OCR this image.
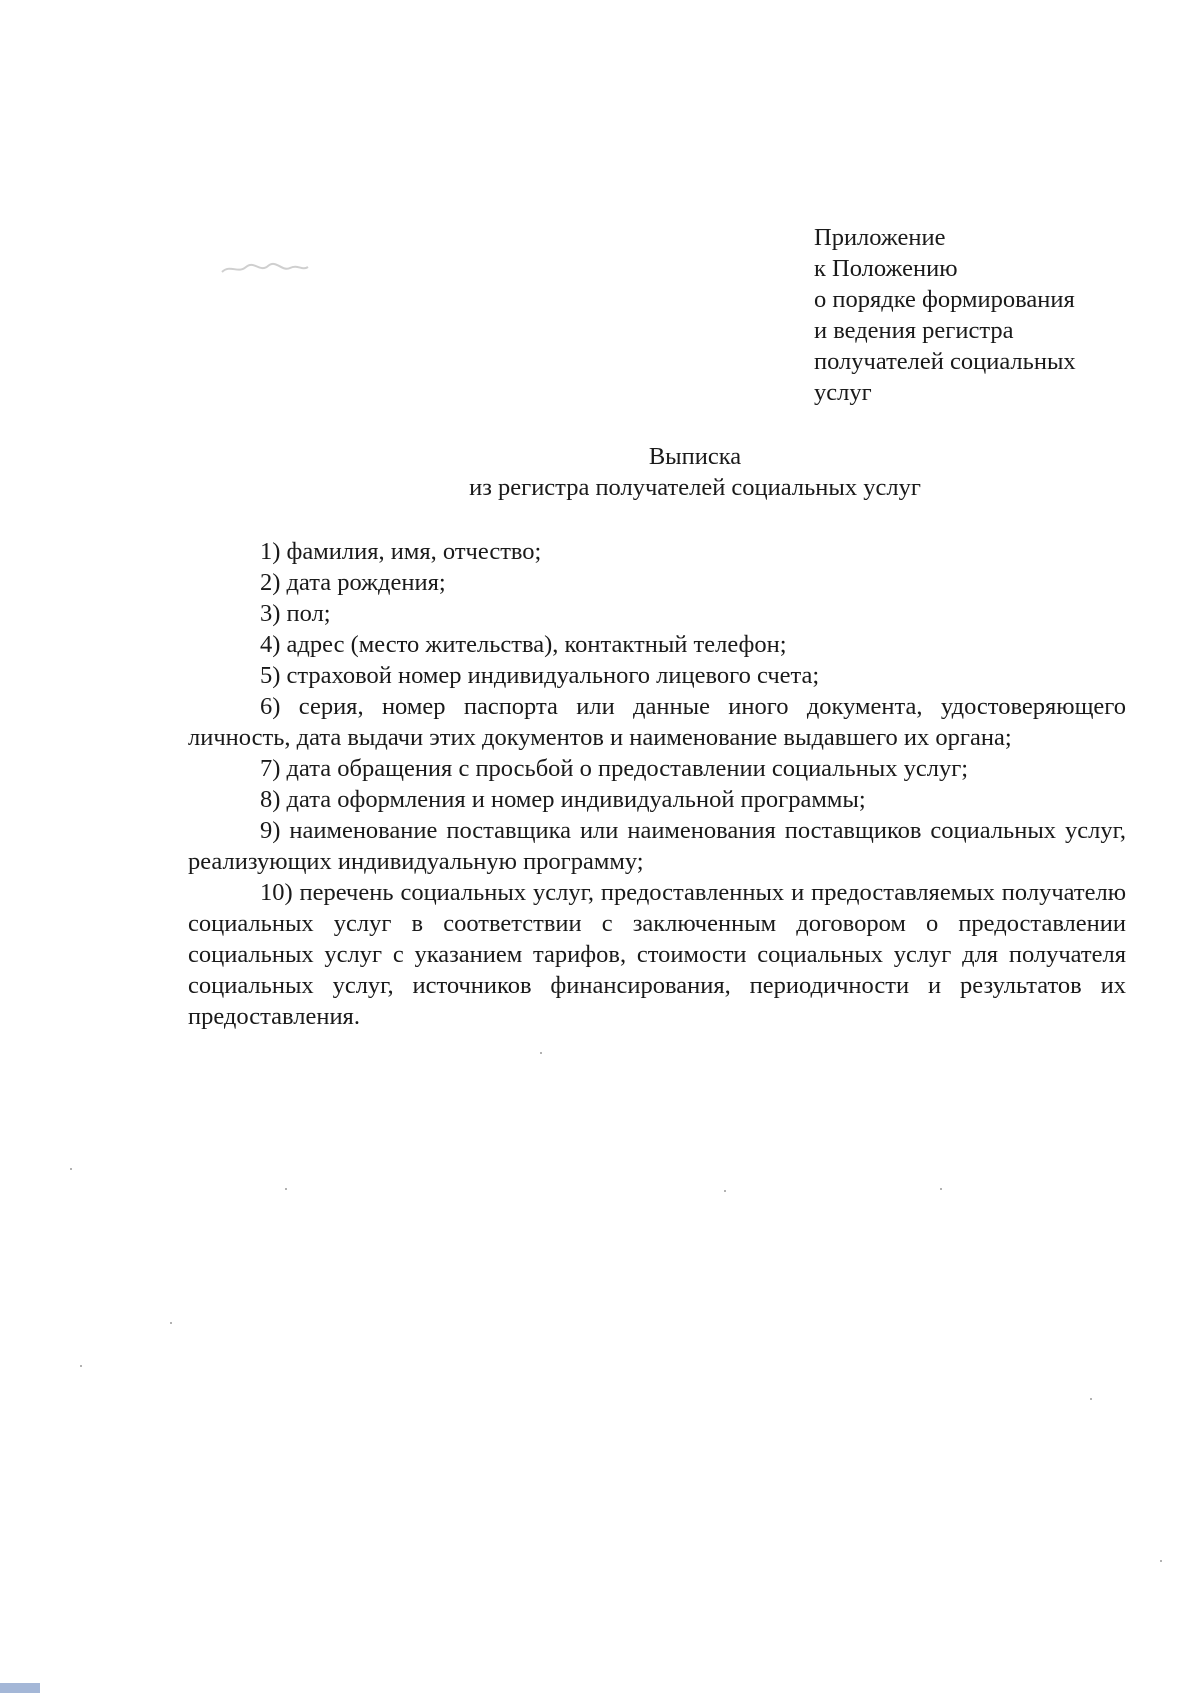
Приложение
к Положению
о порядке формирования
и ведения регистра
получателей социальных
услуг
Выписка
из регистра получателей социальных услуг

1) фамилия, имя, отчество;

2) дата рождения;

3) пол;

4) адрес (место жительства), контактный телефон;

5) страховой номер индивидуального лицевого счета;

6) серия, номер паспорта или данные иного документа, удостоверяющего личность, дата выдачи этих документов и наименование выдавшего их органа;

7) дата обращения с просьбой о предоставлении социальных услуг;

8) дата оформления и номер индивидуальной программы;

9) наименование поставщика или наименования поставщиков социальных услуг, реализующих индивидуальную программу;

10) перечень социальных услуг, предоставленных и предоставляемых получателю социальных услуг в соответствии с заключенным договором о предоставлении социальных услуг с указанием тарифов, стоимости социальных услуг для получателя социальных услуг, источников финансирования, периодичности и результатов их предоставления.
